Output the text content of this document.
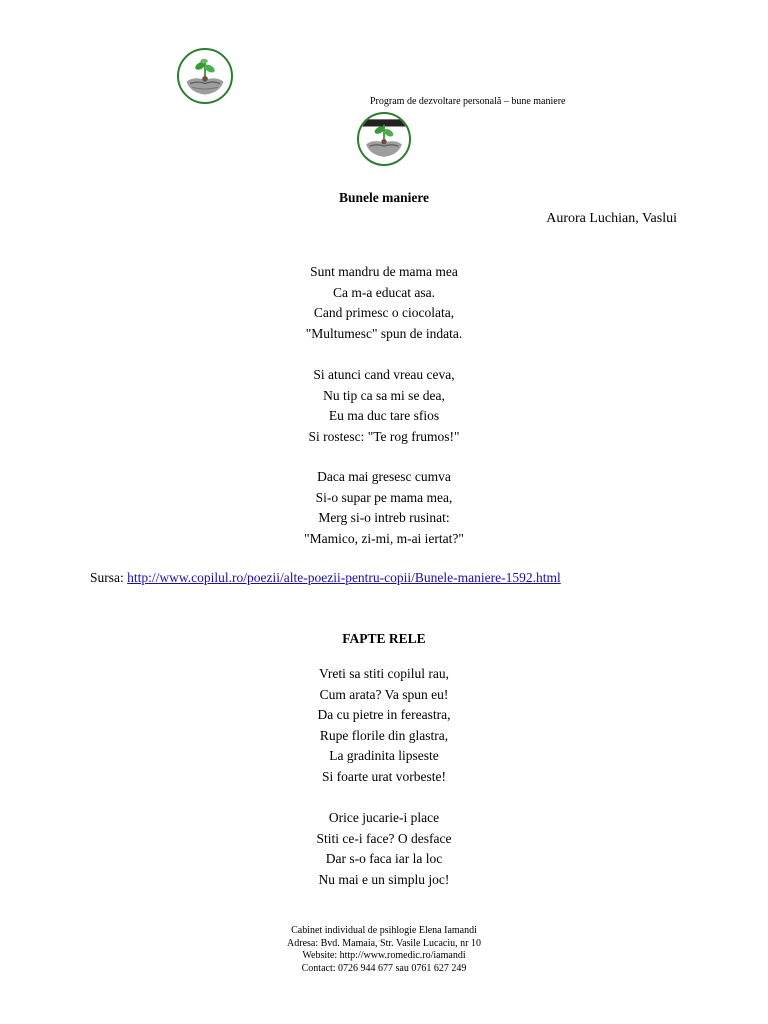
Program de dezvoltare personală – bune maniere
Bunele maniere
Aurora Luchian, Vaslui
Sunt mandru de mama mea
Ca m-a educat asa.
Cand primesc o ciocolata,
"Multumesc" spun de indata.
Si atunci cand vreau ceva,
Nu tip ca sa mi se dea,
Eu ma duc tare sfios
Si rostesc: "Te rog frumos!"
Daca mai gresesc cumva
Si-o supar pe mama mea,
Merg si-o intreb rusinat:
"Mamico, zi-mi, m-ai iertat?"
Sursa: http://www.copilul.ro/poezii/alte-poezii-pentru-copii/Bunele-maniere-1592.html
FAPTE RELE
Vreti sa stiti copilul rau,
Cum arata? Va spun eu!
Da cu pietre in fereastra,
Rupe florile din glastra,
La gradinita lipseste
Si foarte urat vorbeste!
Orice jucarie-i place
Stiti ce-i face? O desface
Dar s-o faca iar la loc
Nu mai e un simplu joc!
Cabinet individual de psihlogie Elena Iamandi
Adresa: Bvd. Mamaia, Str. Vasile Lucaciu, nr 10
Website: http://www.romedic.ro/iamandi
Contact: 0726 944 677 sau 0761 627 249
